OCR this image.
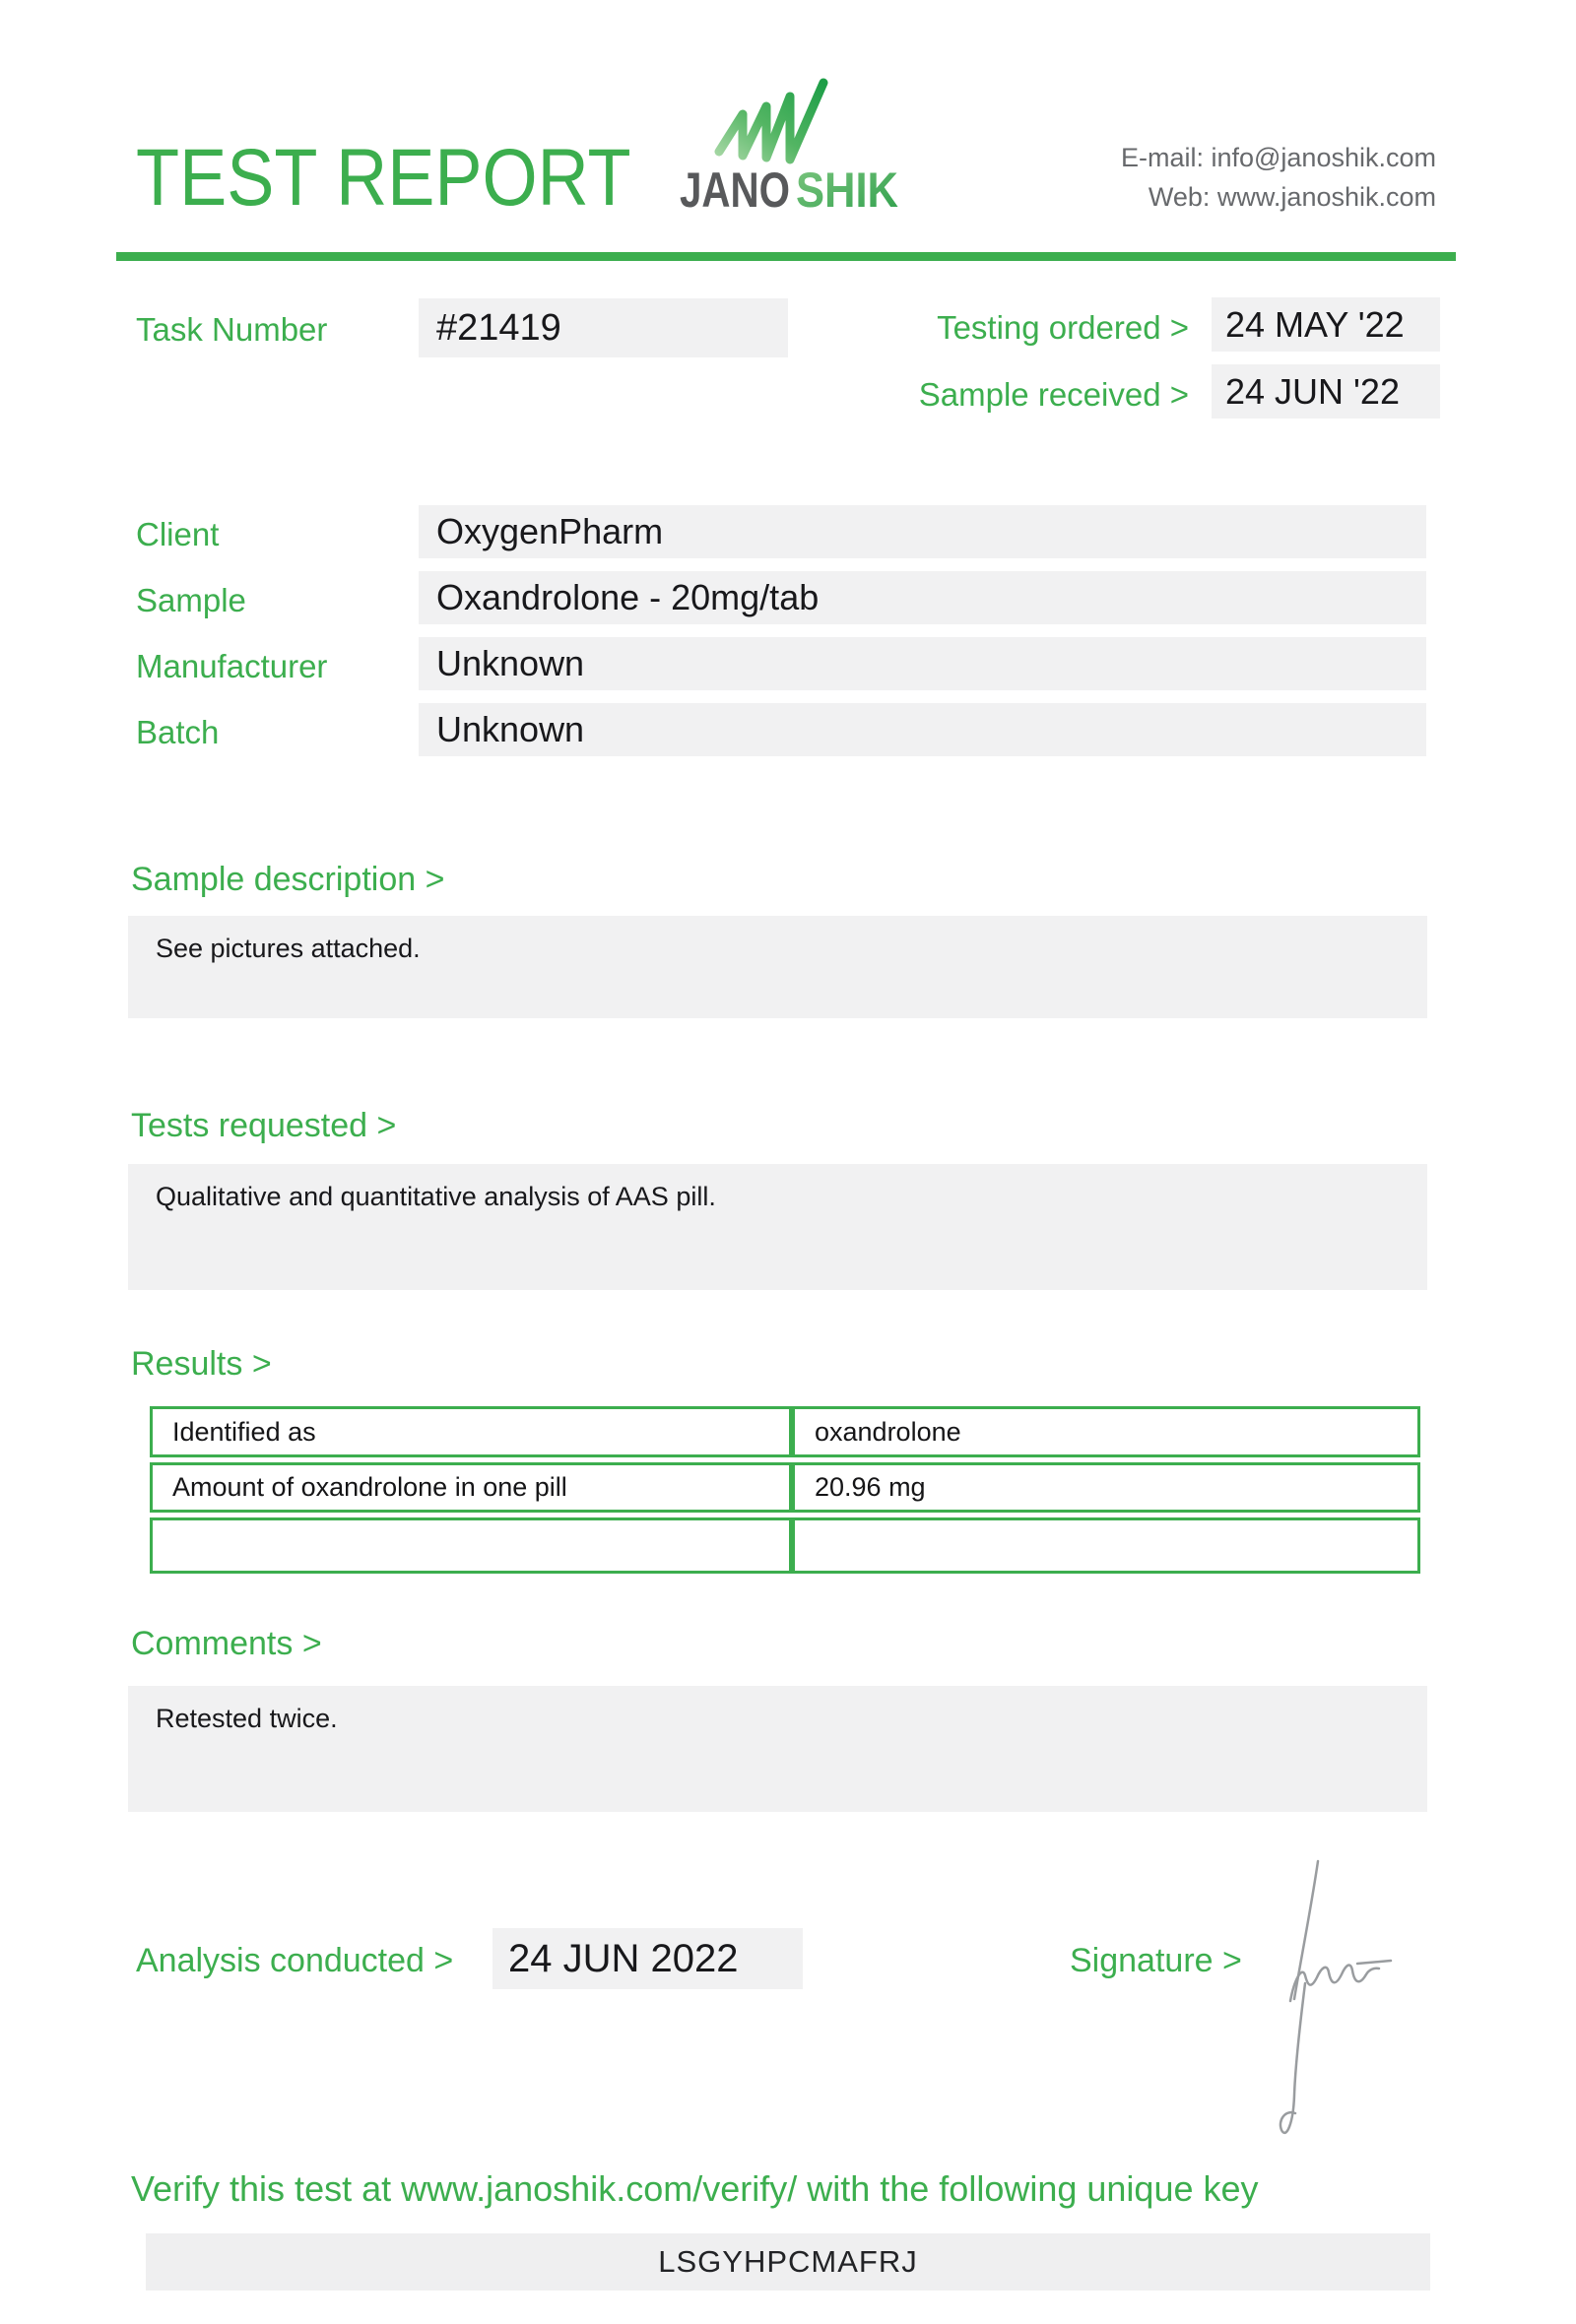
TEST REPORT JANO SHIK
E-mail: info@janoshik.com
Web: www.janoshik.com
Task Number	#21419	Testing ordered >	24 MAY '22
Sample received >	24 JUN '22
Client	OxygenPharm
Sample	Oxandrolone - 20mg/tab
Manufacturer	Unknown
Batch	Unknown
Sample description >
See pictures attached.
Tests requested >
Qualitative and quantitative analysis of AAS pill.
Results >
Identified as	oxandrolone
Amount of oxandrolone in one pill	20.96 mg
Comments >
Retested twice.
Analysis conducted >	24 JUN 2022	Signature >
Verify this test at www.janoshik.com/verify/ with the following unique key
LSGYHPCMAFRJ
